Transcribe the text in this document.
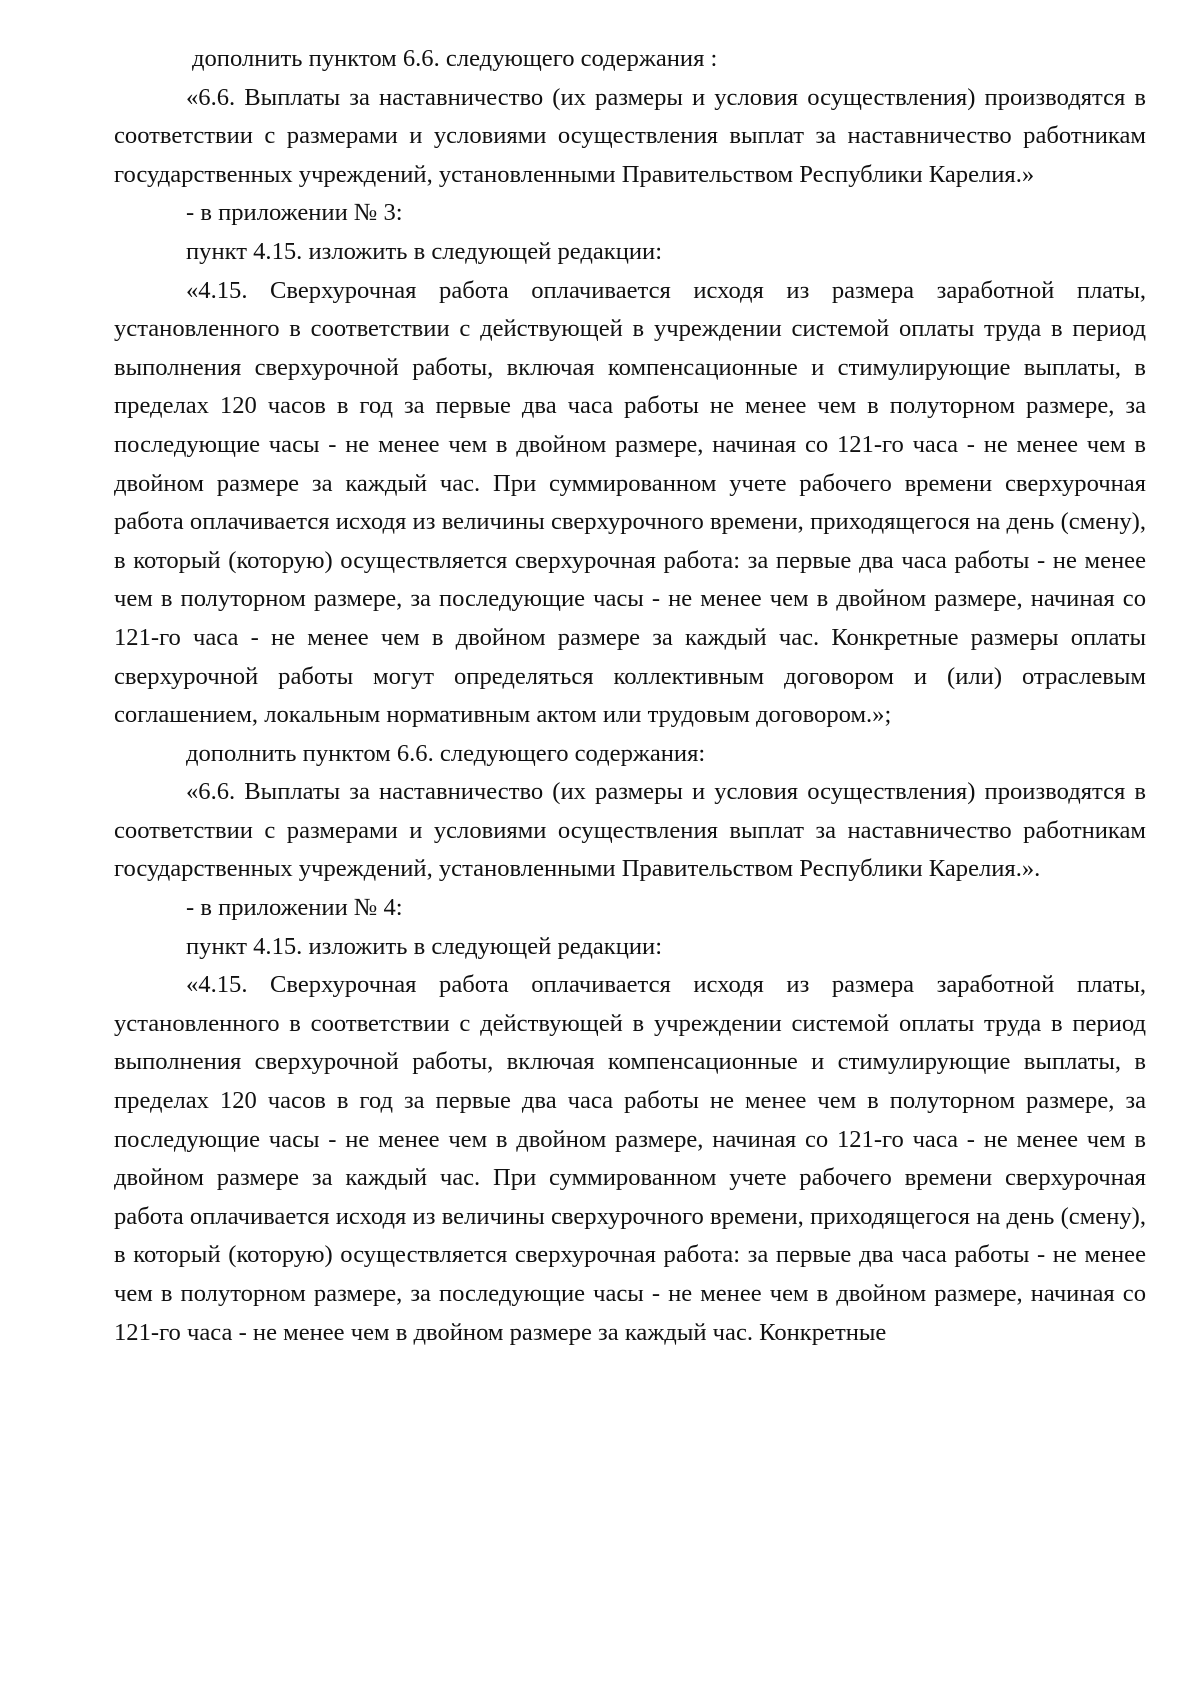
дополнить пунктом 6.6. следующего содержания :

«6.6. Выплаты за наставничество (их размеры и условия осуществления) производятся в соответствии с размерами и условиями осуществления выплат за наставничество работникам государственных учреждений, установленными Правительством Республики Карелия.»

- в приложении № 3:

пункт 4.15. изложить в следующей редакции:

«4.15. Сверхурочная работа оплачивается исходя из размера заработной платы, установленного в соответствии с действующей в учреждении системой оплаты труда в период выполнения сверхурочной работы, включая компенсационные и стимулирующие выплаты, в пределах 120 часов в год за первые два часа работы не менее чем в полуторном размере, за последующие часы - не менее чем в двойном размере, начиная со 121-го часа - не менее чем в двойном размере за каждый час. При суммированном учете рабочего времени сверхурочная работа оплачивается исходя из величины сверхурочного времени, приходящегося на день (смену), в который (которую) осуществляется сверхурочная работа: за первые два часа работы - не менее чем в полуторном размере, за последующие часы - не менее чем в двойном размере, начиная со 121-го часа - не менее чем в двойном размере за каждый час. Конкретные размеры оплаты сверхурочной работы могут определяться коллективным договором и (или) отраслевым соглашением, локальным нормативным актом или трудовым договором.»;

дополнить пунктом 6.6. следующего содержания:

«6.6. Выплаты за наставничество (их размеры и условия осуществления) производятся в соответствии с размерами и условиями осуществления выплат за наставничество работникам государственных учреждений, установленными Правительством Республики Карелия.».

- в приложении № 4:

пункт 4.15. изложить в следующей редакции:

«4.15. Сверхурочная работа оплачивается исходя из размера заработной платы, установленного в соответствии с действующей в учреждении системой оплаты труда в период выполнения сверхурочной работы, включая компенсационные и стимулирующие выплаты, в пределах 120 часов в год за первые два часа работы не менее чем в полуторном размере, за последующие часы - не менее чем в двойном размере, начиная со 121-го часа - не менее чем в двойном размере за каждый час. При суммированном учете рабочего времени сверхурочная работа оплачивается исходя из величины сверхурочного времени, приходящегося на день (смену), в который (которую) осуществляется сверхурочная работа: за первые два часа работы - не менее чем в полуторном размере, за последующие часы - не менее чем в двойном размере, начиная со 121-го часа - не менее чем в двойном размере за каждый час. Конкретные
